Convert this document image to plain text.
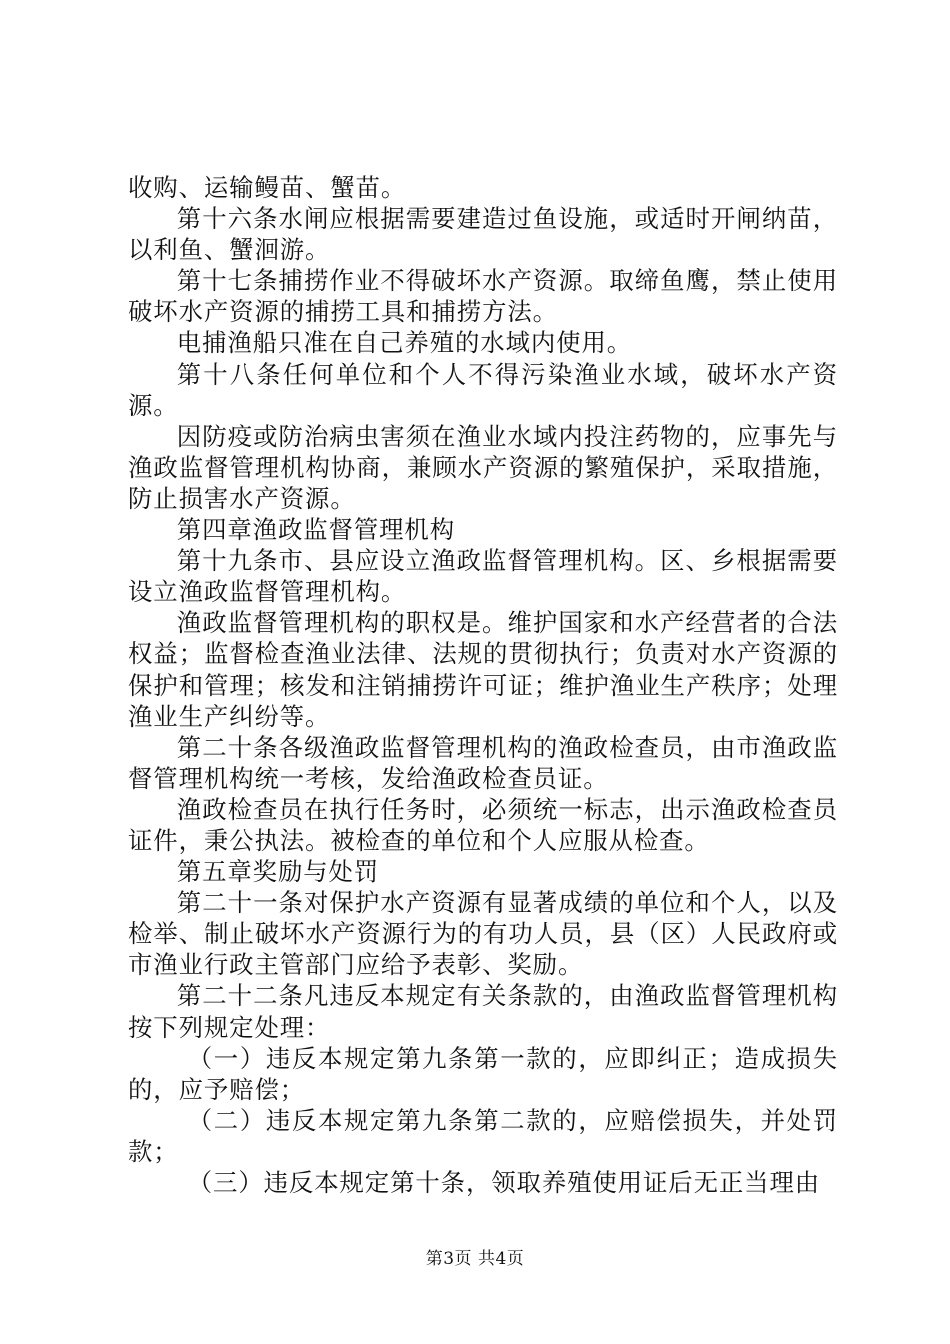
收购、运输鳗苗、蟹苗。

第十六条水闸应根据需要建造过鱼设施，或适时开闸纳苗，以利鱼、蟹洄游。

第十七条捕捞作业不得破坏水产资源。取缔鱼鹰，禁止使用破坏水产资源的捕捞工具和捕捞方法。

电捕渔船只准在自己养殖的水域内使用。

第十八条任何单位和个人不得污染渔业水域，破坏水产资源。

因防疫或防治病虫害须在渔业水域内投注药物的，应事先与渔政监督管理机构协商，兼顾水产资源的繁殖保护，采取措施，防止损害水产资源。

第四章渔政监督管理机构

第十九条市、县应设立渔政监督管理机构。区、乡根据需要设立渔政监督管理机构。

渔政监督管理机构的职权是。维护国家和水产经营者的合法权益；监督检查渔业法律、法规的贯彻执行；负责对水产资源的保护和管理；核发和注销捕捞许可证；维护渔业生产秩序；处理渔业生产纠纷等。

第二十条各级渔政监督管理机构的渔政检查员，由市渔政监督管理机构统一考核，发给渔政检查员证。

渔政检查员在执行任务时，必须统一标志，出示渔政检查员证件，秉公执法。被检查的单位和个人应服从检查。

第五章奖励与处罚

第二十一条对保护水产资源有显著成绩的单位和个人，以及检举、制止破坏水产资源行为的有功人员，县（区）人民政府或市渔业行政主管部门应给予表彰、奖励。

第二十二条凡违反本规定有关条款的，由渔政监督管理机构按下列规定处理：

（一）违反本规定第九条第一款的，应即纠正；造成损失的，应予赔偿；

（二）违反本规定第九条第二款的，应赔偿损失，并处罚款；

（三）违反本规定第十条，领取养殖使用证后无正当理由

第3页 共4页
